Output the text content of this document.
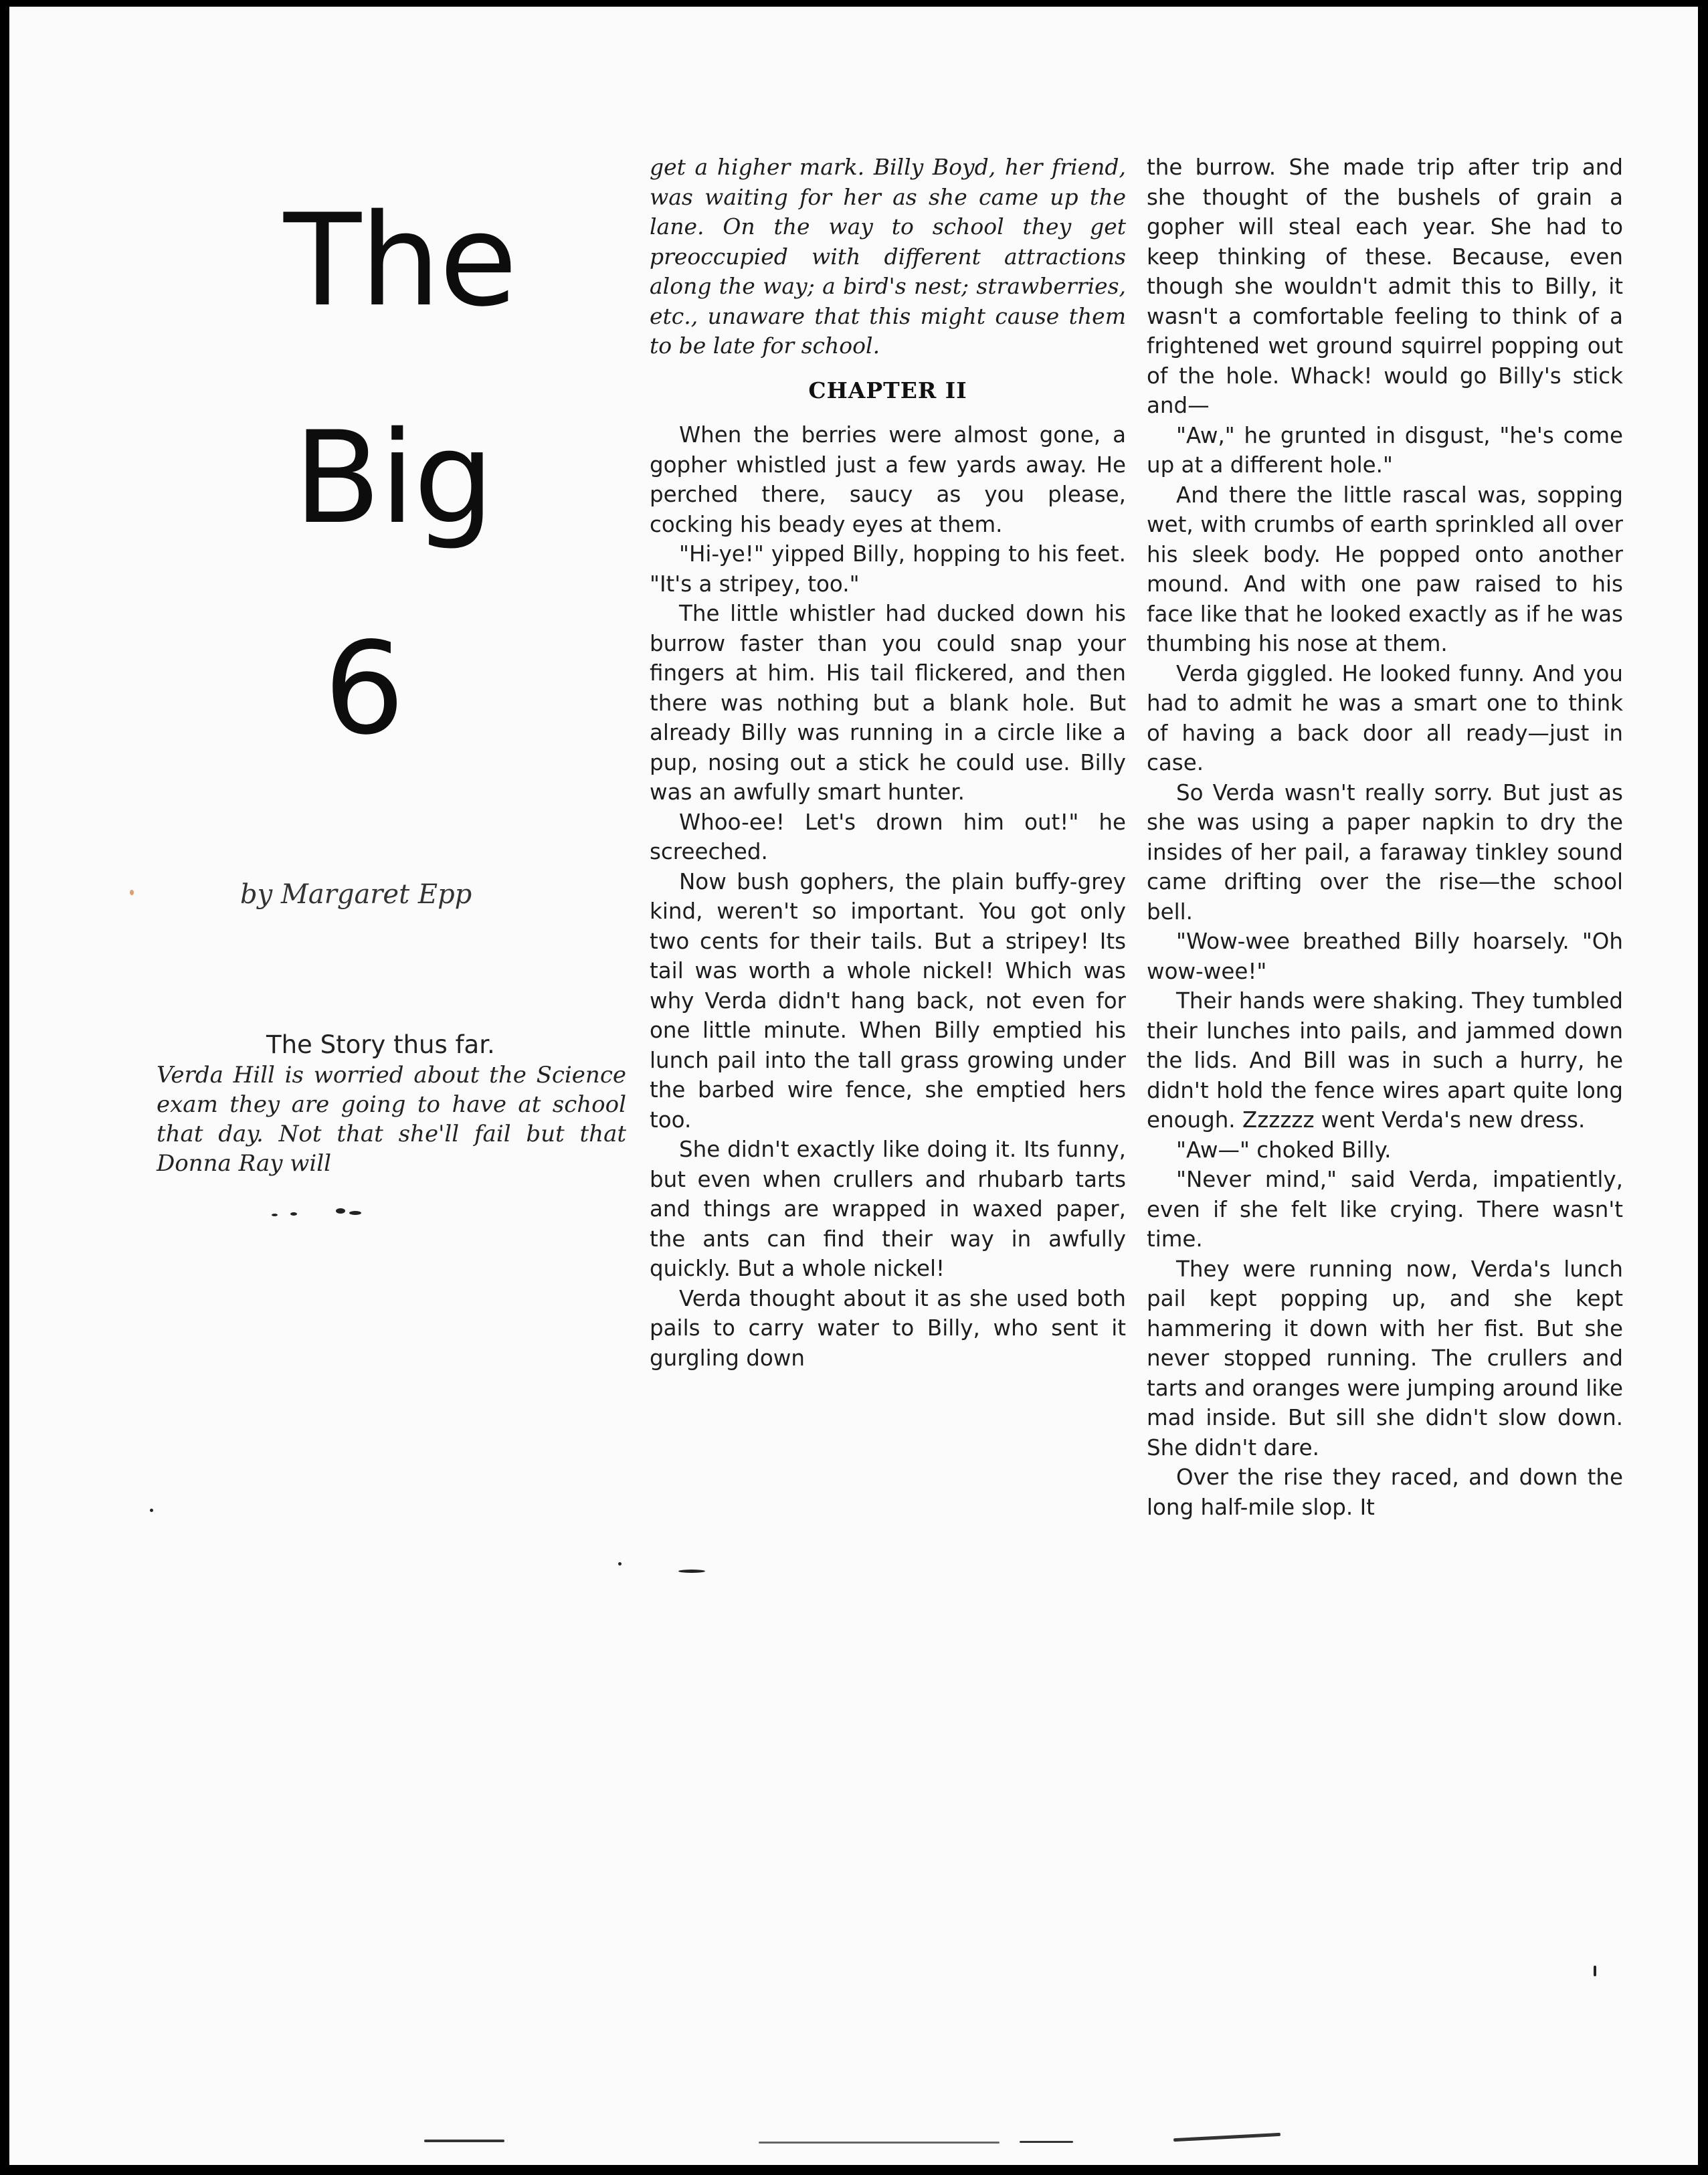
The
Big
6
by Margaret Epp
The Story thus far.

Verda Hill is worried about the Science exam they are going to have at school that day. Not that she'll fail but that Donna Ray will

get a higher mark. Billy Boyd, her friend, was waiting for her as she came up the lane. On the way to school they get preoccupied with different attractions along the way; a bird's nest; strawberries, etc., unaware that this might cause them to be late for school.

CHAPTER II

When the berries were almost gone, a gopher whistled just a few yards away. He perched there, saucy as you please, cocking his beady eyes at them.

"Hi-ye!" yipped Billy, hopping to his feet. "It's a stripey, too."

The little whistler had ducked down his burrow faster than you could snap your fingers at him. His tail flickered, and then there was nothing but a blank hole. But already Billy was running in a circle like a pup, nosing out a stick he could use. Billy was an awfully smart hunter.

Whoo-ee! Let's drown him out!" he screeched.

Now bush gophers, the plain buffy-grey kind, weren't so important. You got only two cents for their tails. But a stripey! Its tail was worth a whole nickel! Which was why Verda didn't hang back, not even for one little minute. When Billy emptied his lunch pail into the tall grass growing under the barbed wire fence, she emptied hers too.

She didn't exactly like doing it. Its funny, but even when crullers and rhubarb tarts and things are wrapped in waxed paper, the ants can find their way in awfully quickly. But a whole nickel!

Verda thought about it as she used both pails to carry water to Billy, who sent it gurgling down

the burrow. She made trip after trip and she thought of the bushels of grain a gopher will steal each year. She had to keep thinking of these. Because, even though she wouldn't admit this to Billy, it wasn't a comfortable feeling to think of a frightened wet ground squirrel popping out of the hole. Whack! would go Billy's stick and—

"Aw," he grunted in disgust, "he's come up at a different hole."

And there the little rascal was, sopping wet, with crumbs of earth sprinkled all over his sleek body. He popped onto another mound. And with one paw raised to his face like that he looked exactly as if he was thumbing his nose at them.

Verda giggled. He looked funny. And you had to admit he was a smart one to think of having a back door all ready—just in case.

So Verda wasn't really sorry. But just as she was using a paper napkin to dry the insides of her pail, a faraway tinkley sound came drifting over the rise—the school bell.

"Wow-wee breathed Billy hoarsely. "Oh wow-wee!"

Their hands were shaking. They tumbled their lunches into pails, and jammed down the lids. And Bill was in such a hurry, he didn't hold the fence wires apart quite long enough. Zzzzzz went Verda's new dress.

"Aw—" choked Billy.

"Never mind," said Verda, impatiently, even if she felt like crying. There wasn't time.

They were running now, Verda's lunch pail kept popping up, and she kept hammering it down with her fist. But she never stopped running. The crullers and tarts and oranges were jumping around like mad inside. But sill she didn't slow down. She didn't dare.

Over the rise they raced, and down the long half-mile slop. It
